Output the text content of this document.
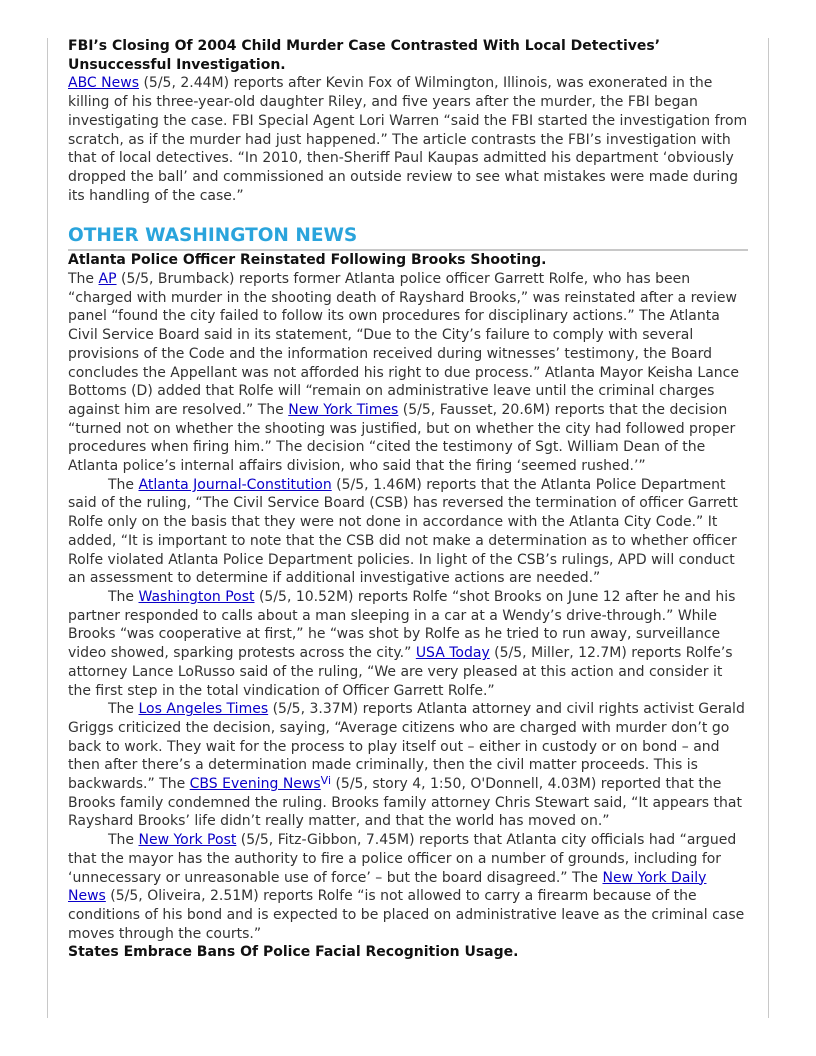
FBI’s Closing Of 2004 Child Murder Case Contrasted With Local Detectives’ Unsuccessful Investigation.

ABC News (5/5, 2.44M) reports after Kevin Fox of Wilmington, Illinois, was exonerated in the killing of his three-year-old daughter Riley, and five years after the murder, the FBI began investigating the case. FBI Special Agent Lori Warren “said the FBI started the investigation from scratch, as if the murder had just happened.” The article contrasts the FBI’s investigation with that of local detectives. “In 2010, then-Sheriff Paul Kaupas admitted his department ‘obviously dropped the ball’ and commissioned an outside review to see what mistakes were made during its handling of the case.”

OTHER WASHINGTON NEWS
Atlanta Police Officer Reinstated Following Brooks Shooting.

The AP (5/5, Brumback) reports former Atlanta police officer Garrett Rolfe, who has been “charged with murder in the shooting death of Rayshard Brooks,” was reinstated after a review panel “found the city failed to follow its own procedures for disciplinary actions.” The Atlanta Civil Service Board said in its statement, “Due to the City’s failure to comply with several provisions of the Code and the information received during witnesses’ testimony, the Board concludes the Appellant was not afforded his right to due process.” Atlanta Mayor Keisha Lance Bottoms (D) added that Rolfe will “remain on administrative leave until the criminal charges against him are resolved.” The New York Times (5/5, Fausset, 20.6M) reports that the decision “turned not on whether the shooting was justified, but on whether the city had followed proper procedures when firing him.” The decision “cited the testimony of Sgt. William Dean of the Atlanta police’s internal affairs division, who said that the firing ‘seemed rushed.’”

The Atlanta Journal-Constitution (5/5, 1.46M) reports that the Atlanta Police Department said of the ruling, “The Civil Service Board (CSB) has reversed the termination of officer Garrett Rolfe only on the basis that they were not done in accordance with the Atlanta City Code.” It added, “It is important to note that the CSB did not make a determination as to whether officer Rolfe violated Atlanta Police Department policies. In light of the CSB’s rulings, APD will conduct an assessment to determine if additional investigative actions are needed.”

The Washington Post (5/5, 10.52M) reports Rolfe “shot Brooks on June 12 after he and his partner responded to calls about a man sleeping in a car at a Wendy’s drive-through.” While Brooks “was cooperative at first,” he “was shot by Rolfe as he tried to run away, surveillance video showed, sparking protests across the city.” USA Today (5/5, Miller, 12.7M) reports Rolfe’s attorney Lance LoRusso said of the ruling, “We are very pleased at this action and consider it the first step in the total vindication of Officer Garrett Rolfe.”

The Los Angeles Times (5/5, 3.37M) reports Atlanta attorney and civil rights activist Gerald Griggs criticized the decision, saying, “Average citizens who are charged with murder don’t go back to work. They wait for the process to play itself out – either in custody or on bond – and then after there’s a determination made criminally, then the civil matter proceeds. This is backwards.” The CBS Evening News$^{Vi}$ (5/5, story 4, 1:50, O'Donnell, 4.03M) reported that the Brooks family condemned the ruling. Brooks family attorney Chris Stewart said, “It appears that Rayshard Brooks’ life didn’t really matter, and that the world has moved on.”

The New York Post (5/5, Fitz-Gibbon, 7.45M) reports that Atlanta city officials had “argued that the mayor has the authority to fire a police officer on a number of grounds, including for ‘unnecessary or unreasonable use of force’ – but the board disagreed.” The New York Daily News (5/5, Oliveira, 2.51M) reports Rolfe “is not allowed to carry a firearm because of the conditions of his bond and is expected to be placed on administrative leave as the criminal case moves through the courts.”

States Embrace Bans Of Police Facial Recognition Usage.
